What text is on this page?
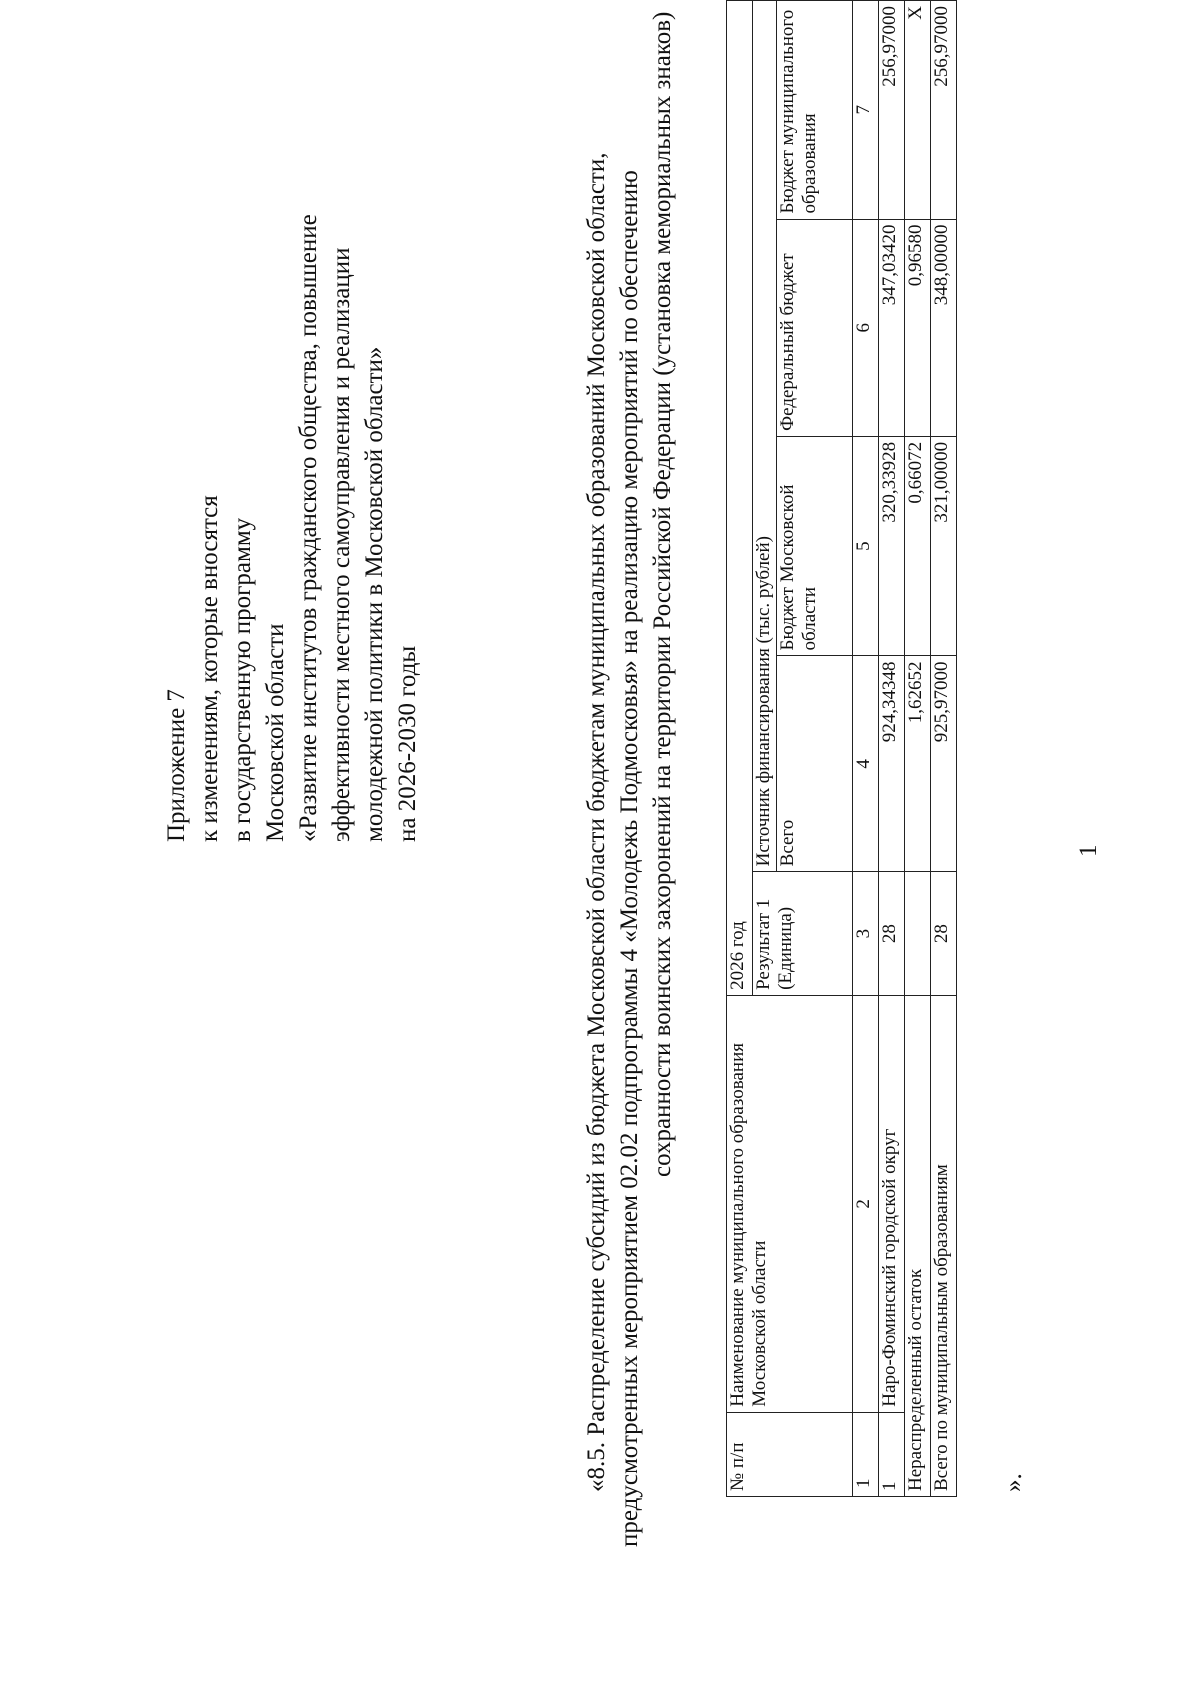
Приложение 7 к изменениям, которые вносятся в государственную программу Московской области «Развитие институтов гражданского общества, повышение эффективности местного самоуправления и реализации молодежной политики в Московской области» на 2026-2030 годы	«8.5. Распределение субсидий из бюджета Московской области бюджетам муниципальных образований Московской области, предусмотренных мероприятием 02.02 подпрограммы 4 «Молодежь Подмосковья» на реализацию мероприятий по обеспечению сохранности воинских захоронений на территории Российской Федерации (установка мемориальных знаков)
№ п/п	Наименование муниципального образования Московской области	2026 год				
		Результат 1 (Единица)	Источник финансирования (тыс. рублей)			
			Всего	Бюджет Московской области	Федеральный бюджет	Бюджет муниципального образования
1	2	3	4	5	6	7
1	Наро-Фоминский городской округ	28	924,34348	320,33928	347,03420	256,97000
Нераспределенный остаток			1,62652	0,66072	0,96580	X
Всего по муниципальным образованиям		28	925,97000	321,00000	348,00000	256,97000
».
1
